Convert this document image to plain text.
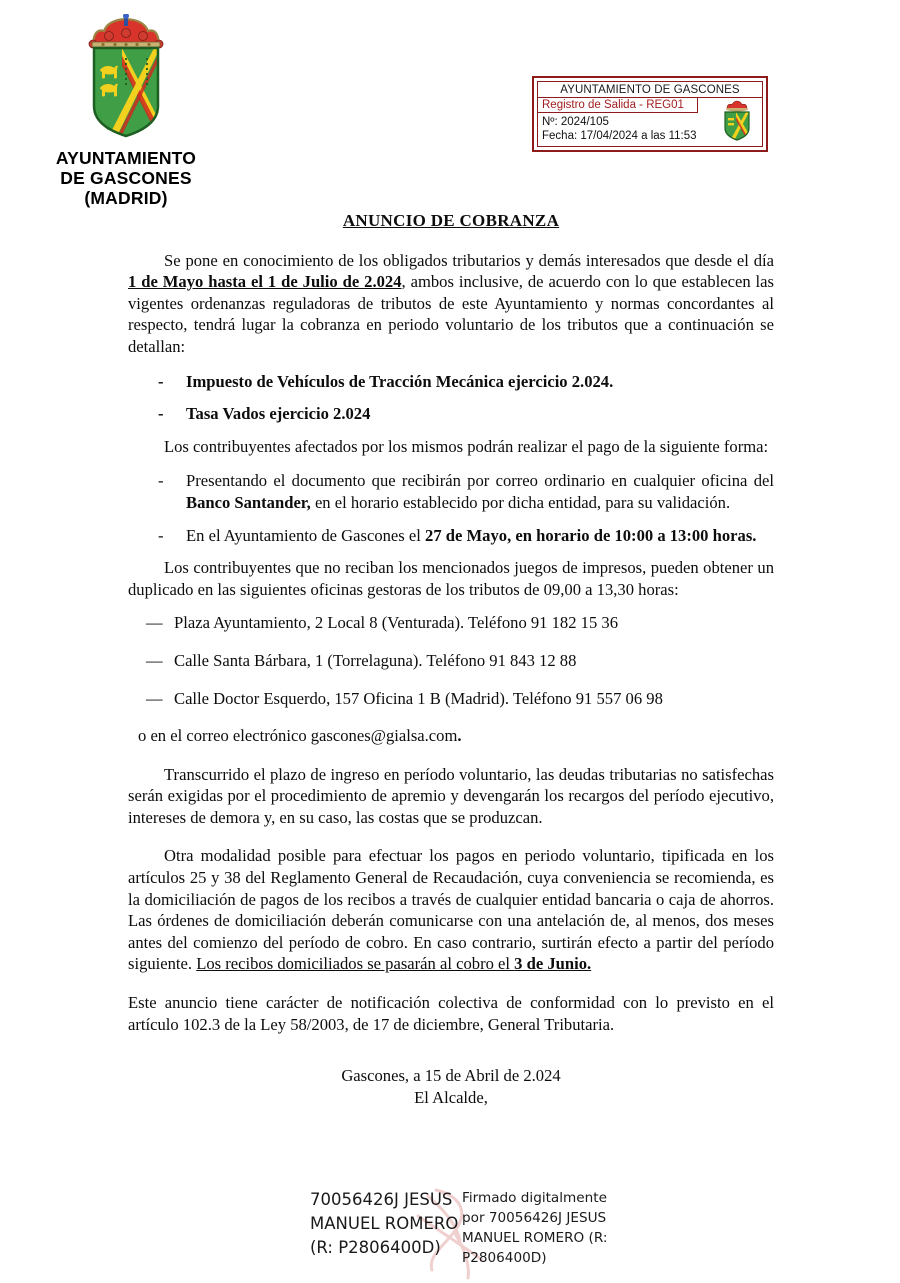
AYUNTAMIENTO
DE GASCONES
(MADRID)
AYUNTAMIENTO DE GASCONES
Registro de Salida - REG01
Nº: 2024/105
Fecha: 17/04/2024 a las 11:53
ANUNCIO DE COBRANZA

Se pone en conocimiento de los obligados tributarios y demás interesados que desde el día 1 de Mayo hasta el 1 de Julio de 2.024, ambos inclusive, de acuerdo con lo que establecen las vigentes ordenanzas reguladoras de tributos de este Ayuntamiento y normas concordantes al respecto, tendrá lugar la cobranza en periodo voluntario de los tributos que a continuación se detallan:

- Impuesto de Vehículos de Tracción Mecánica ejercicio 2.024.
- Tasa Vados ejercicio 2.024

Los contribuyentes afectados por los mismos podrán realizar el pago de la siguiente forma:

- Presentando el documento que recibirán por correo ordinario en cualquier oficina del Banco Santander, en el horario establecido por dicha entidad, para su validación.
- En el Ayuntamiento de Gascones el 27 de Mayo, en horario de 10:00 a 13:00 horas.

Los contribuyentes que no reciban los mencionados juegos de impresos, pueden obtener un duplicado en las siguientes oficinas gestoras de los tributos de 09,00 a 13,30 horas:

— Plaza Ayuntamiento, 2 Local 8 (Venturada). Teléfono 91 182 15 36
— Calle Santa Bárbara, 1 (Torrelaguna). Teléfono 91 843 12 88
— Calle Doctor Esquerdo, 157 Oficina 1 B (Madrid). Teléfono 91 557 06 98

o en el correo electrónico gascones@gialsa.com.

Transcurrido el plazo de ingreso en período voluntario, las deudas tributarias no satisfechas serán exigidas por el procedimiento de apremio y devengarán los recargos del período ejecutivo, intereses de demora y, en su caso, las costas que se produzcan.

Otra modalidad posible para efectuar los pagos en periodo voluntario, tipificada en los artículos 25 y 38 del Reglamento General de Recaudación, cuya conveniencia se recomienda, es la domiciliación de pagos de los recibos a través de cualquier entidad bancaria o caja de ahorros. Las órdenes de domiciliación deberán comunicarse con una antelación de, al menos, dos meses antes del comienzo del período de cobro. En caso contrario, surtirán efecto a partir del período siguiente. Los recibos domiciliados se pasarán al cobro el 3 de Junio.

Este anuncio tiene carácter de notificación colectiva de conformidad con lo previsto en el artículo 102.3 de la Ley 58/2003, de 17 de diciembre, General Tributaria.

Gascones, a 15 de Abril de 2.024
El Alcalde,
70056426J JESUS
MANUEL ROMERO
(R: P2806400D)
Firmado digitalmente
por 70056426J JESUS
MANUEL ROMERO (R:
P2806400D)
